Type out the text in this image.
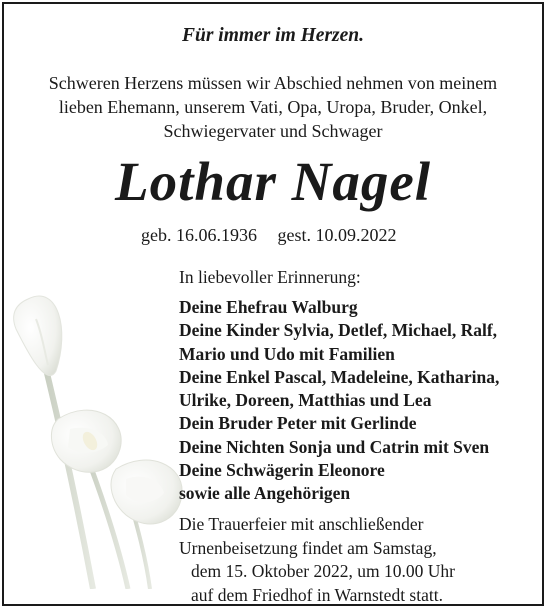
Für immer im Herzen.
Schweren Herzens müssen wir Abschied nehmen von meinem
lieben Ehemann, unserem Vati, Opa, Uropa, Bruder, Onkel,
Schwiegervater und Schwager
Lothar Nagel
geb. 16.06.1936 gest. 10.09.2022
In liebevoller Erinnerung:
Deine Ehefrau Walburg
Deine Kinder Sylvia, Detlef, Michael, Ralf,
Mario und Udo mit Familien
Deine Enkel Pascal, Madeleine, Katharina,
Ulrike, Doreen, Matthias und Lea
Dein Bruder Peter mit Gerlinde
Deine Nichten Sonja und Catrin mit Sven
Deine Schwägerin Eleonore
sowie alle Angehörigen
Die Trauerfeier mit anschließender
Urnenbeisetzung findet am Samstag,
dem 15. Oktober 2022, um 10.00 Uhr
auf dem Friedhof in Warnstedt statt.
